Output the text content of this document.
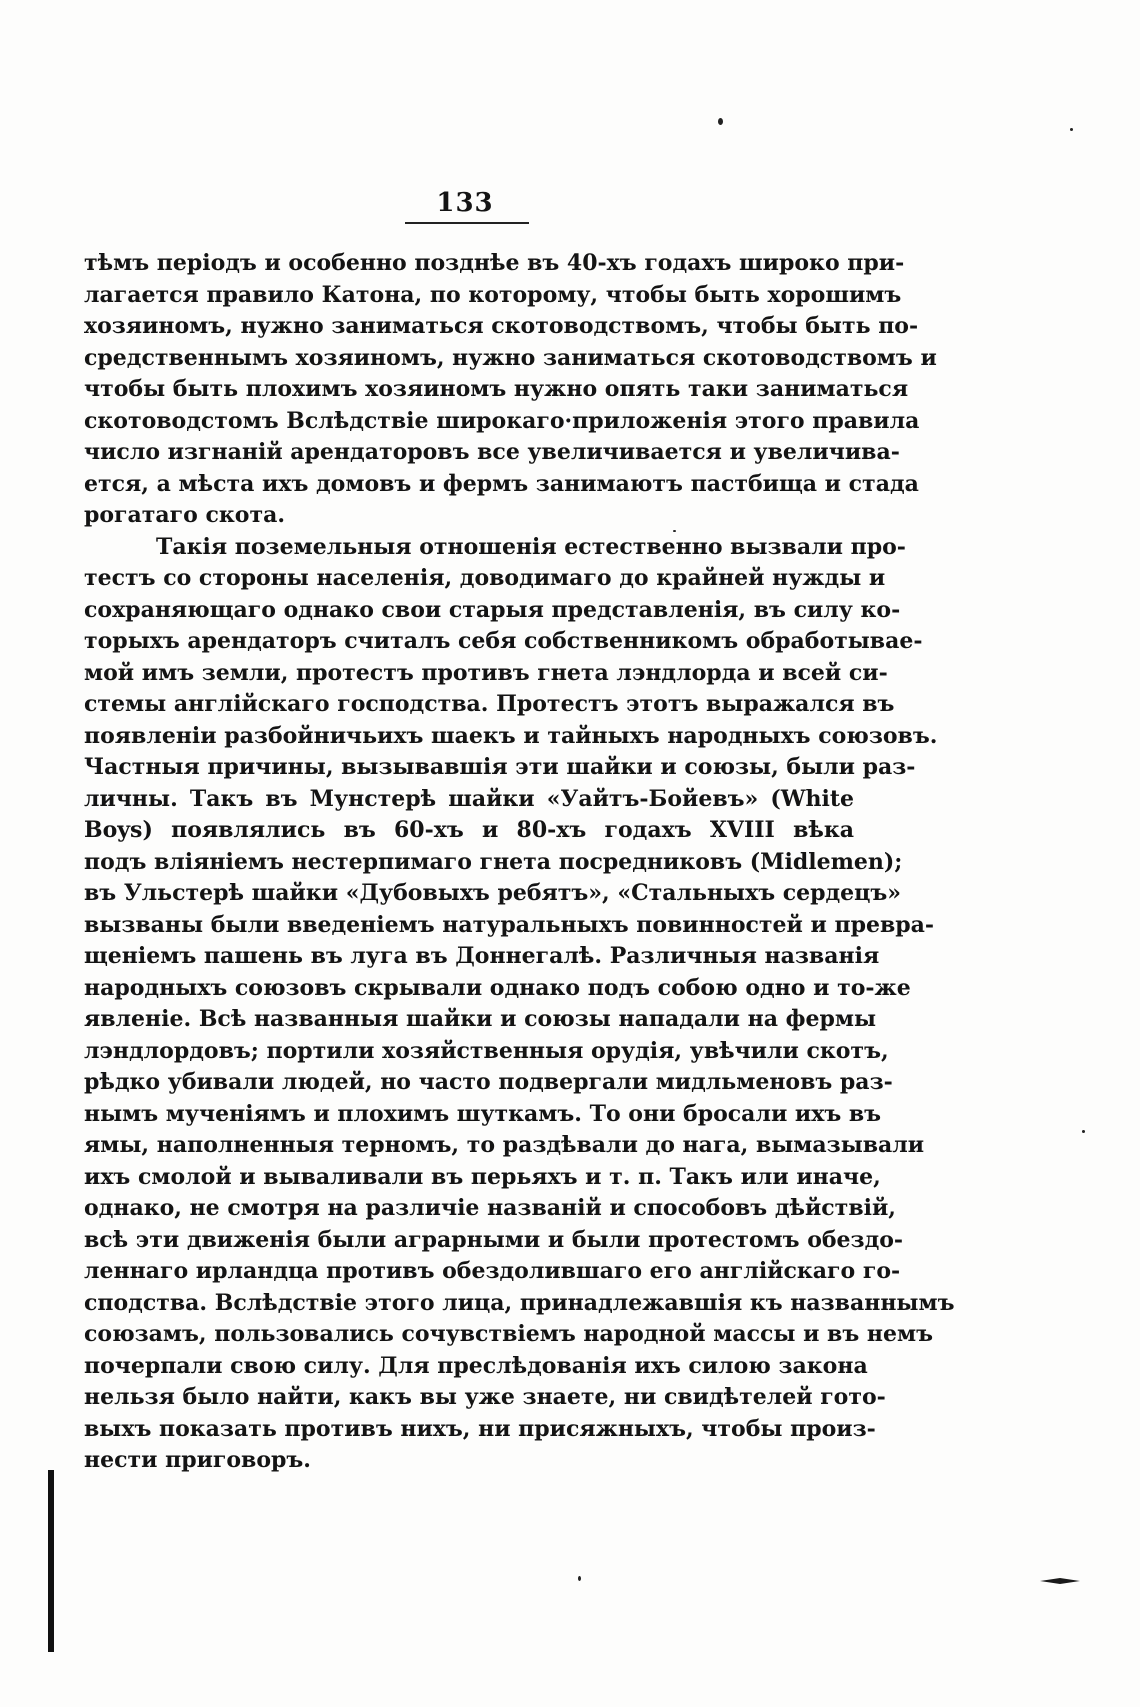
133
тѣмъ періодъ и особенно позднѣе въ 40-хъ годахъ широко при-
лагается правило Катона, по которому, чтобы быть хорошимъ
хозяиномъ, нужно заниматься скотоводствомъ, чтобы быть по-
средственнымъ хозяиномъ, нужно заниматься скотоводствомъ и
чтобы быть плохимъ хозяиномъ нужно опять таки заниматься
скотоводстомъ Вслѣдствіе широкаго·приложенія этого правила
число изгнаній арендаторовъ все увеличивается и увеличива-
ется, а мѣста ихъ домовъ и фермъ занимаютъ пастбища и стада
рогатаго скота.
Такія поземельныя отношенія естественно вызвали про-
тестъ со стороны населенія, доводимаго до крайней нужды и
сохраняющаго однако свои старыя представленія, въ силу ко-
торыхъ арендаторъ считалъ себя собственникомъ обработывае-
мой имъ земли, протестъ противъ гнета лэндлорда и всей си-
стемы англійскаго господства. Протестъ этотъ выражался въ
появленіи разбойничьихъ шаекъ и тайныхъ народныхъ союзовъ.
Частныя причины, вызывавшія эти шайки и союзы, были раз-
личны. Такъ въ Мунстерѣ шайки «Уайтъ-Бойевъ» (White
Boys) появлялись въ 60-хъ и 80-хъ годахъ XVIII вѣка
подъ вліяніемъ нестерпимаго гнета посредниковъ (Midlemen);
въ Ульстерѣ шайки «Дубовыхъ ребятъ», «Стальныхъ сердецъ»
вызваны были введеніемъ натуральныхъ повинностей и превра-
щеніемъ пашень въ луга въ Доннегалѣ. Различныя названія
народныхъ союзовъ скрывали однако подъ собою одно и то-же
явленіе. Всѣ названныя шайки и союзы нападали на фермы
лэндлордовъ; портили хозяйственныя орудія, увѣчили скотъ,
рѣдко убивали людей, но часто подвергали мидльменовъ раз-
нымъ мученіямъ и плохимъ шуткамъ. То они бросали ихъ въ
ямы, наполненныя терномъ, то раздѣвали до нага, вымазывали
ихъ смолой и вываливали въ перьяхъ и т. п. Такъ или иначе,
однако, не смотря на различіе названій и способовъ дѣйствій,
всѣ эти движенія были аграрными и были протестомъ обездо-
леннаго ирландца противъ обездолившаго его англійскаго го-
сподства. Вслѣдствіе этого лица, принадлежавшія къ названнымъ
союзамъ, пользовались сочувствіемъ народной массы и въ немъ
почерпали свою силу. Для преслѣдованія ихъ силою закона
нельзя было найти, какъ вы уже знаете, ни свидѣтелей гото-
выхъ показать противъ нихъ, ни присяжныхъ, чтобы произ-
нести приговоръ.
